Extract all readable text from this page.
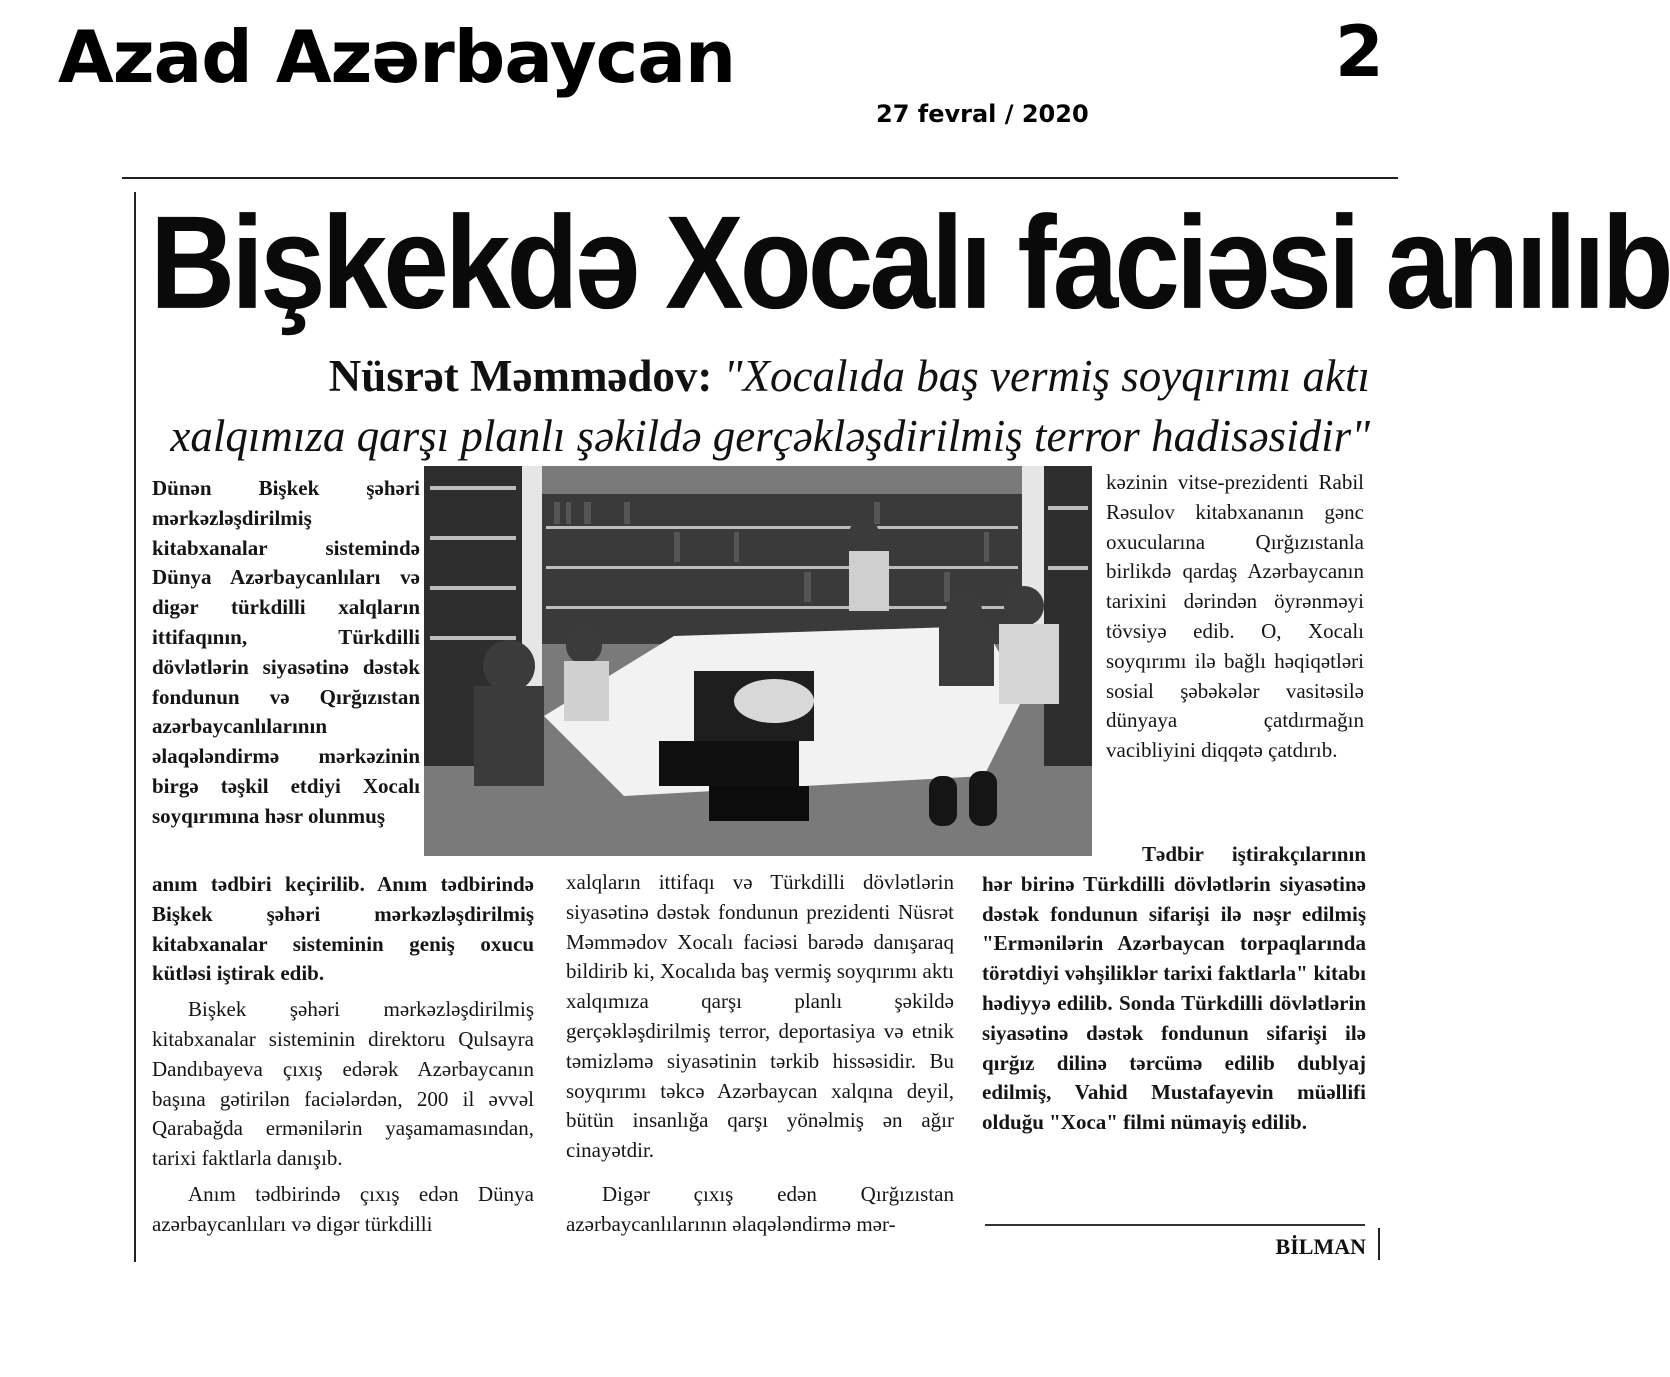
Azad Azərbaycan	2
27 fevral / 2020
Bişkekdə Xocalı faciəsi anılıb
Nüsrət Məmmədov: "Xocalıda baş vermiş soyqırımı aktı xalqımıza qarşı planlı şəkildə gerçəkləşdirilmiş terror hadisəsidir"

Dünən Bişkek şəhəri mərkəzləşdirilmiş kitabxanalar sistemində Dünya Azərbaycanlıları və digər türkdilli xalqların ittifaqının, Türkdilli dövlətlərin siyasətinə dəstək fondunun və Qırğızıstan azərbaycanlılarının əlaqələndirmə mərkəzinin birgə təşkil etdiyi Xocalı soyqırımına həsr olunmuş

anım tədbiri keçirilib. Anım tədbirində Bişkek şəhəri mərkəzləşdirilmiş kitabxanalar sisteminin geniş oxucu kütləsi iştirak edib.

Bişkek şəhəri mərkəzləşdirilmiş kitabxanalar sisteminin direktoru Qulsayra Dandıbayeva çıxış edərək Azərbaycanın başına gətirilən faciələrdən, 200 il əvvəl Qarabağda ermənilərin yaşamamasından, tarixi faktlarla danışıb.

Anım tədbirində çıxış edən Dünya azərbaycanlıları və digər türkdilli

xalqların ittifaqı və Türkdilli dövlətlərin siyasətinə dəstək fondunun prezidenti Nüsrət Məmmədov Xocalı faciəsi barədə danışaraq bildirib ki, Xocalıda baş vermiş soyqırımı aktı xalqımıza qarşı planlı şəkildə gerçəkləşdirilmiş terror, deportasiya və etnik təmizləmə siyasətinin tərkib hissəsidir. Bu soyqırımı təkcə Azərbaycan xalqına deyil, bütün insanlığa qarşı yönəlmiş ən ağır cinayətdir.

Digər çıxış edən Qırğızıstan azərbaycanlılarının əlaqələndirmə mər-

kəzinin vitse-prezidenti Rabil Rəsulov kitabxananın gənc oxucularına Qırğızıstanla birlikdə qardaş Azərbaycanın tarixini dərindən öyrənməyi tövsiyə edib. O, Xocalı soyqırımı ilə bağlı həqiqətləri sosial şəbəkələr vasitəsilə dünyaya çatdırmağın vacibliyini diqqətə çatdırıb.

Tədbir iştirakçılarının hər birinə Türkdilli dövlətlərin siyasətinə dəstək fondunun sifarişi ilə nəşr edilmiş "Ermənilərin Azərbaycan torpaqlarında törətdiyi vəhşiliklər tarixi faktlarla" kitabı hədiyyə edilib. Sonda Türkdilli dövlətlərin siyasətinə dəstək fondunun sifarişi ilə qırğız dilinə tərcümə edilib dublyaj edilmiş, Vahid Mustafayevin müəllifi olduğu "Xoca" filmi nümayiş edilib.

BİLMAN
